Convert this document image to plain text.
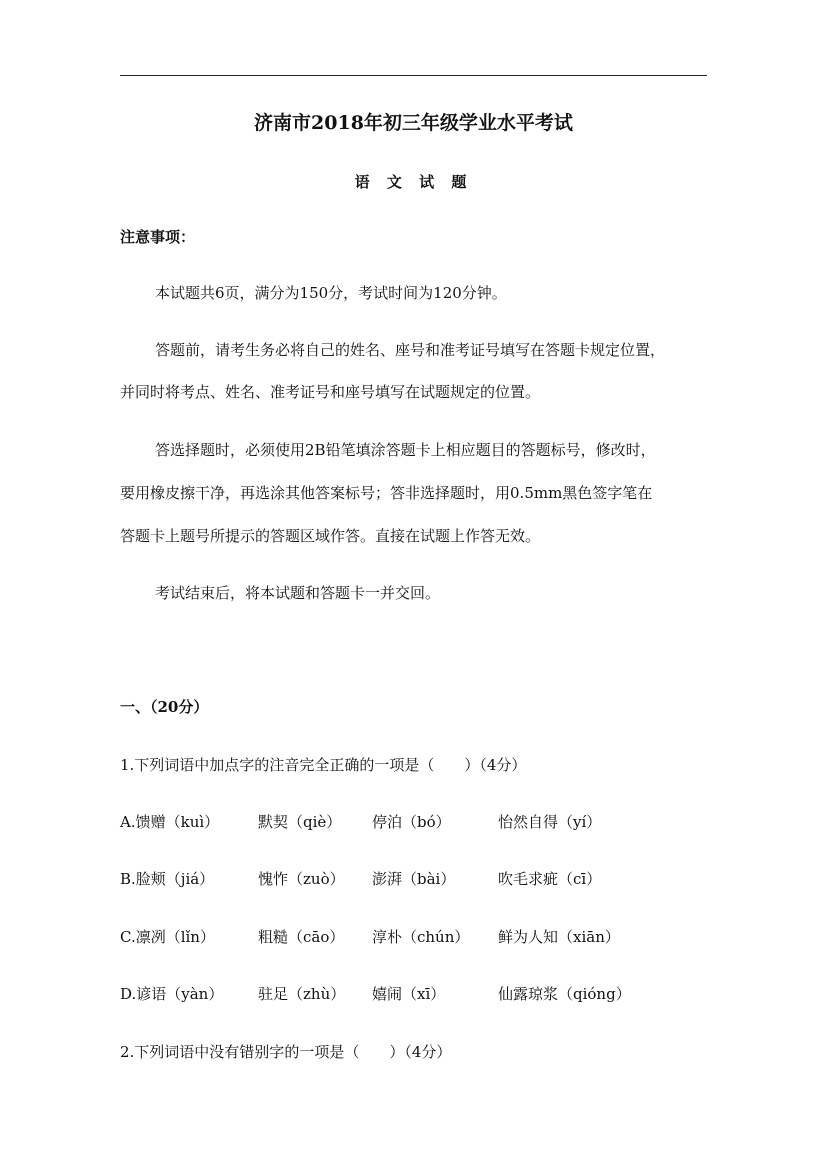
济南市2018年初三年级学业水平考试
语 文 试 题
注意事项：
本试题共6页，满分为150分，考试时间为120分钟。
答题前，请考生务必将自己的姓名、座号和准考证号填写在答题卡规定位置，
并同时将考点、姓名、准考证号和座号填写在试题规定的位置。
答选择题时，必须使用2B铅笔填涂答题卡上相应题目的答题标号，修改时，
要用橡皮擦干净，再选涂其他答案标号；答非选择题时，用0.5mm黑色签字笔在
答题卡上题号所提示的答题区域作答。直接在试题上作答无效。
考试结束后，将本试题和答题卡一并交回。
一、（20分）
1.下列词语中加点字的注音完全正确的一项是（　　）（4分）
A.馈赠（kuì）	默契（qiè） 停泊（bó）	怡然自得（yí）
B.脸颊（jiá）	愧怍（zuò） 澎湃（bài）	吹毛求疵（cī）
C.凛冽（lǐn）	粗糙（cāo） 淳朴（chún） 鲜为人知（xiān）
D.谚语（yàn） 驻足（zhù） 嬉闹（xī）	仙露琼浆（qióng）
2.下列词语中没有错别字的一项是（　　）（4分）
